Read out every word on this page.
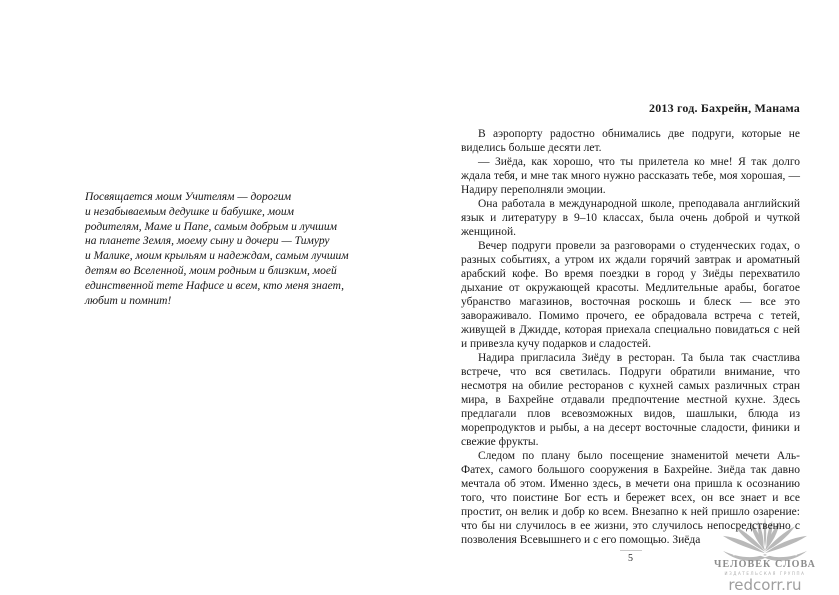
Посвящается моим Учителям — дорогим
и незабываемым дедушке и бабушке, моим
родителям, Маме и Папе, самым добрым и лучшим
на планете Земля, моему сыну и дочери — Тимуру
и Малике, моим крыльям и надеждам, самым лучшим
детям во Вселенной, моим родным и близким, моей
единственной тете Нафисе и всем, кто меня знает,
любит и помнит!
2013 год. Бахрейн, Манама

В аэропорту радостно обнимались две подруги, которые не виделись больше десяти лет.

— Зиёда, как хорошо, что ты прилетела ко мне! Я так долго ждала тебя, и мне так много нужно рассказать тебе, моя хорошая, — Надиру переполняли эмоции.

Она работала в международной школе, преподавала английский язык и литературу в 9–10 классах, была очень доброй и чуткой женщиной.

Вечер подруги провели за разговорами о студенческих годах, о разных событиях, а утром их ждали горячий завтрак и ароматный арабский кофе. Во время поездки в город у Зиёды перехватило дыхание от окружающей красоты. Медлительные арабы, богатое убранство магазинов, восточная роскошь и блеск — все это завораживало. Помимо прочего, ее обрадовала встреча с тетей, живущей в Джидде, которая приехала специально повидаться с ней и привезла кучу подарков и сладостей.

Надира пригласила Зиёду в ресторан. Та была так счастлива встрече, что вся светилась. Подруги обратили внимание, что несмотря на обилие ресторанов с кухней самых различных стран мира, в Бахрейне отдавали предпочтение местной кухне. Здесь предлагали плов всевозможных видов, шашлыки, блюда из морепродуктов и рыбы, а на десерт восточные сладости, финики и свежие фрукты.

Следом по плану было посещение знаменитой мечети Аль-Фатех, самого большого сооружения в Бахрейне. Зиёда так давно мечтала об этом. Именно здесь, в мечети она пришла к осознанию того, что поистине Бог есть и бережет всех, он все знает и все простит, он велик и добр ко всем. Внезапно к ней пришло озарение: что бы ни случилось в ее жизни, это случилось непосредственно с позволения Всевышнего и с его помощью. Зиёда

5
ЧЕЛОВЕК СЛОВА
ИЗДАТЕЛЬСКАЯ ГРУППА
redcorr.ru
